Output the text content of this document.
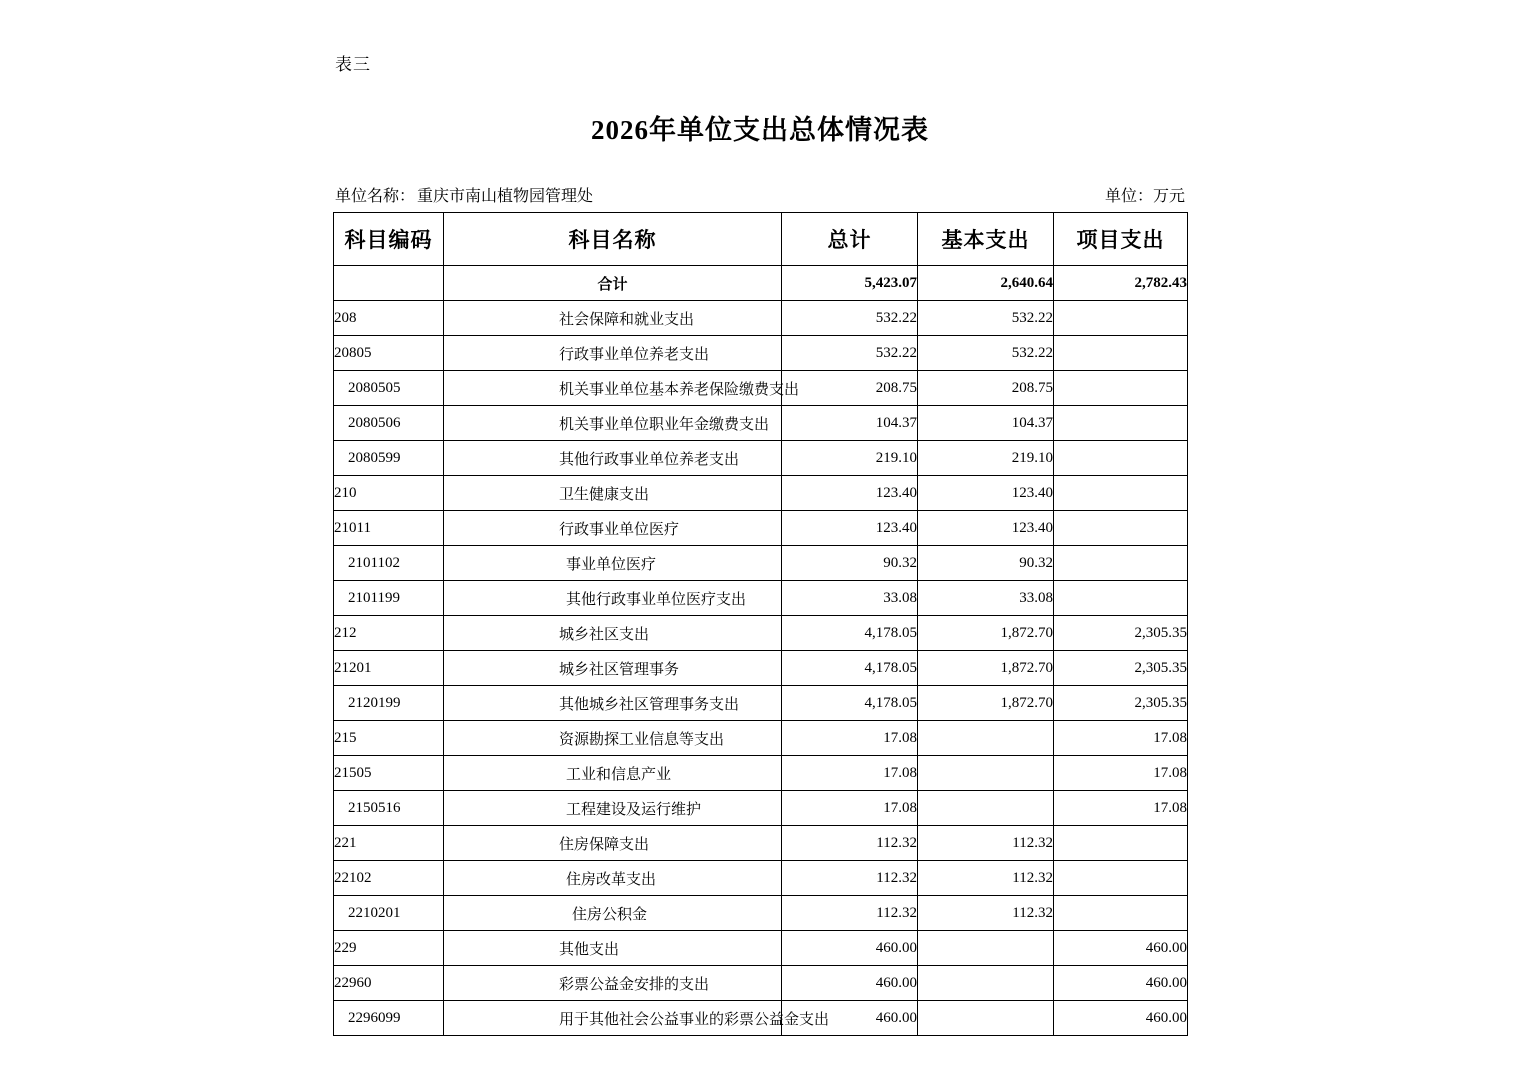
表三
2026年单位支出总体情况表
单位名称： 重庆市南山植物园管理处	单位：万元
科目编码	科目名称	总计	基本支出	项目支出
	合计	5,423.07	2,640.64	2,782.43
208	社会保障和就业支出	532.22	532.22	
20805	行政事业单位养老支出	532.22	532.22	
2080505	机关事业单位基本养老保险缴费支出	208.75	208.75	
2080506	机关事业单位职业年金缴费支出	104.37	104.37	
2080599	其他行政事业单位养老支出	219.10	219.10	
210	卫生健康支出	123.40	123.40	
21011	行政事业单位医疗	123.40	123.40	
2101102	事业单位医疗	90.32	90.32	
2101199	其他行政事业单位医疗支出	33.08	33.08	
212	城乡社区支出	4,178.05	1,872.70	2,305.35
21201	城乡社区管理事务	4,178.05	1,872.70	2,305.35
2120199	其他城乡社区管理事务支出	4,178.05	1,872.70	2,305.35
215	资源勘探工业信息等支出	17.08		17.08
21505	工业和信息产业	17.08		17.08
2150516	工程建设及运行维护	17.08		17.08
221	住房保障支出	112.32	112.32	
22102	住房改革支出	112.32	112.32	
2210201	住房公积金	112.32	112.32	
229	其他支出	460.00		460.00
22960	彩票公益金安排的支出	460.00		460.00
2296099	用于其他社会公益事业的彩票公益金支出	460.00		460.00
